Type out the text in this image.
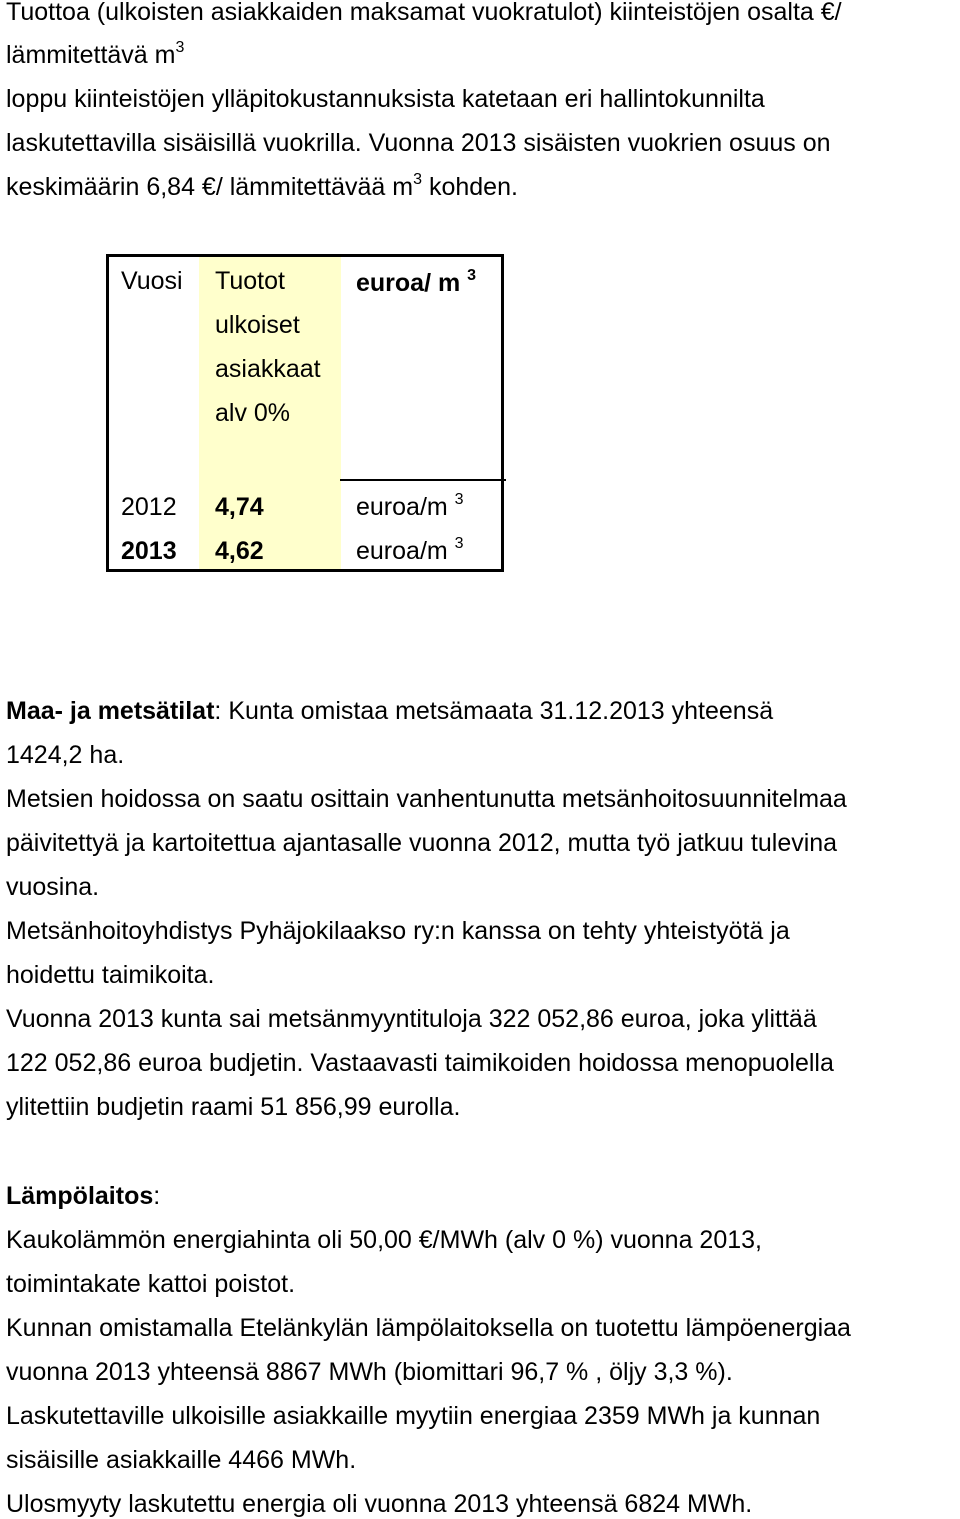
Tuottoa (ulkoisten asiakkaiden maksamat vuokratulot) kiinteistöjen osalta €/
lämmitettävä $m^3$
loppu kiinteistöjen ylläpitokustannuksista katetaan eri hallintokunnilta
laskutettavilla sisäisillä vuokrilla. Vuonna 2013 sisäisten vuokrien osuus on
keskimäärin 6,84 €/ lämmitettävää $m^3$ kohden.
Vuosi Tuotot
ulkoiset
asiakkaat
alv 0%
euroa/ m $^3$
2012 4,74	euroa/m $^3$
2013 4,62	euroa/m $^3$
Maa- ja metsätilat: Kunta omistaa metsämaata 31.12.2013 yhteensä
1424,2 ha.
Metsien hoidossa on saatu osittain vanhentunutta metsänhoitosuunnitelmaa
päivitettyä ja kartoitettua ajantasalle vuonna 2012, mutta työ jatkuu tulevina
vuosina.
Metsänhoitoyhdistys Pyhäjokilaakso ry:n kanssa on tehty yhteistyötä ja
hoidettu taimikoita.
Vuonna 2013 kunta sai metsänmyyntituloja 322 052,86 euroa, joka ylittää
122 052,86 euroa budjetin. Vastaavasti taimikoiden hoidossa menopuolella
ylitettiin budjetin raami 51 856,99 eurolla.
Lämpölaitos:
Kaukolämmön energiahinta oli 50,00 €/MWh (alv 0 %) vuonna 2013,
toimintakate kattoi poistot.
Kunnan omistamalla Etelänkylän lämpölaitoksella on tuotettu lämpöenergiaa
vuonna 2013 yhteensä 8867 MWh (biomittari 96,7 % , öljy 3,3 %).
Laskutettaville ulkoisille asiakkaille myytiin energiaa 2359 MWh ja kunnan
sisäisille asiakkaille 4466 MWh.
Ulosmyyty laskutettu energia oli vuonna 2013 yhteensä 6824 MWh.
